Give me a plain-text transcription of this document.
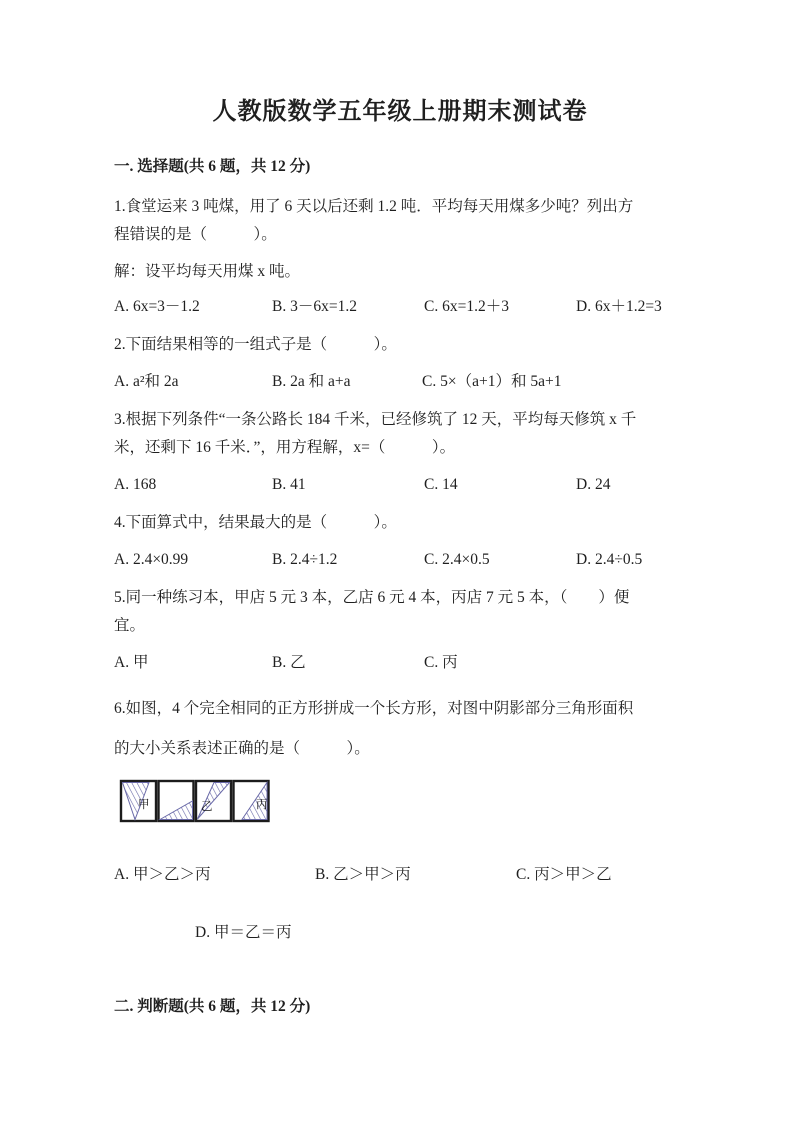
人教版数学五年级上册期末测试卷
一. 选择题(共 6 题，共 12 分)
1.食堂运来 3 吨煤，用了 6 天以后还剩 1.2 吨．平均每天用煤多少吨？列出方
程错误的是（　　　）。
解：设平均每天用煤 x 吨。
A. 6x=3－1.2	B. 3－6x=1.2	C. 6x=1.2＋3	D. 6x＋1.2=3
2.下面结果相等的一组式子是（　　　）。
A. a²和 2a	B. 2a 和 a+a	C. 5×（a+1）和 5a+1
3.根据下列条件“一条公路长 184 千米，已经修筑了 12 天，平均每天修筑 x 千
米，还剩下 16 千米．”，用方程解，x=（　　　）。
A. 168	B. 41	C. 14	D. 24
4.下面算式中，结果最大的是（　　　）。
A. 2.4×0.99	B. 2.4÷1.2	C. 2.4×0.5	D. 2.4÷0.5
5.同一种练习本，甲店 5 元 3 本，乙店 6 元 4 本，丙店 7 元 5 本，（　　）便
宜。
A. 甲	B. 乙	C. 丙
6.如图，4 个完全相同的正方形拼成一个长方形，对图中阴影部分三角形面积
的大小关系表述正确的是（　　　）。
甲	乙	丙
A. 甲＞乙＞丙	B. 乙＞甲＞丙	C. 丙＞甲＞乙
D. 甲＝乙＝丙
二. 判断题(共 6 题，共 12 分)
